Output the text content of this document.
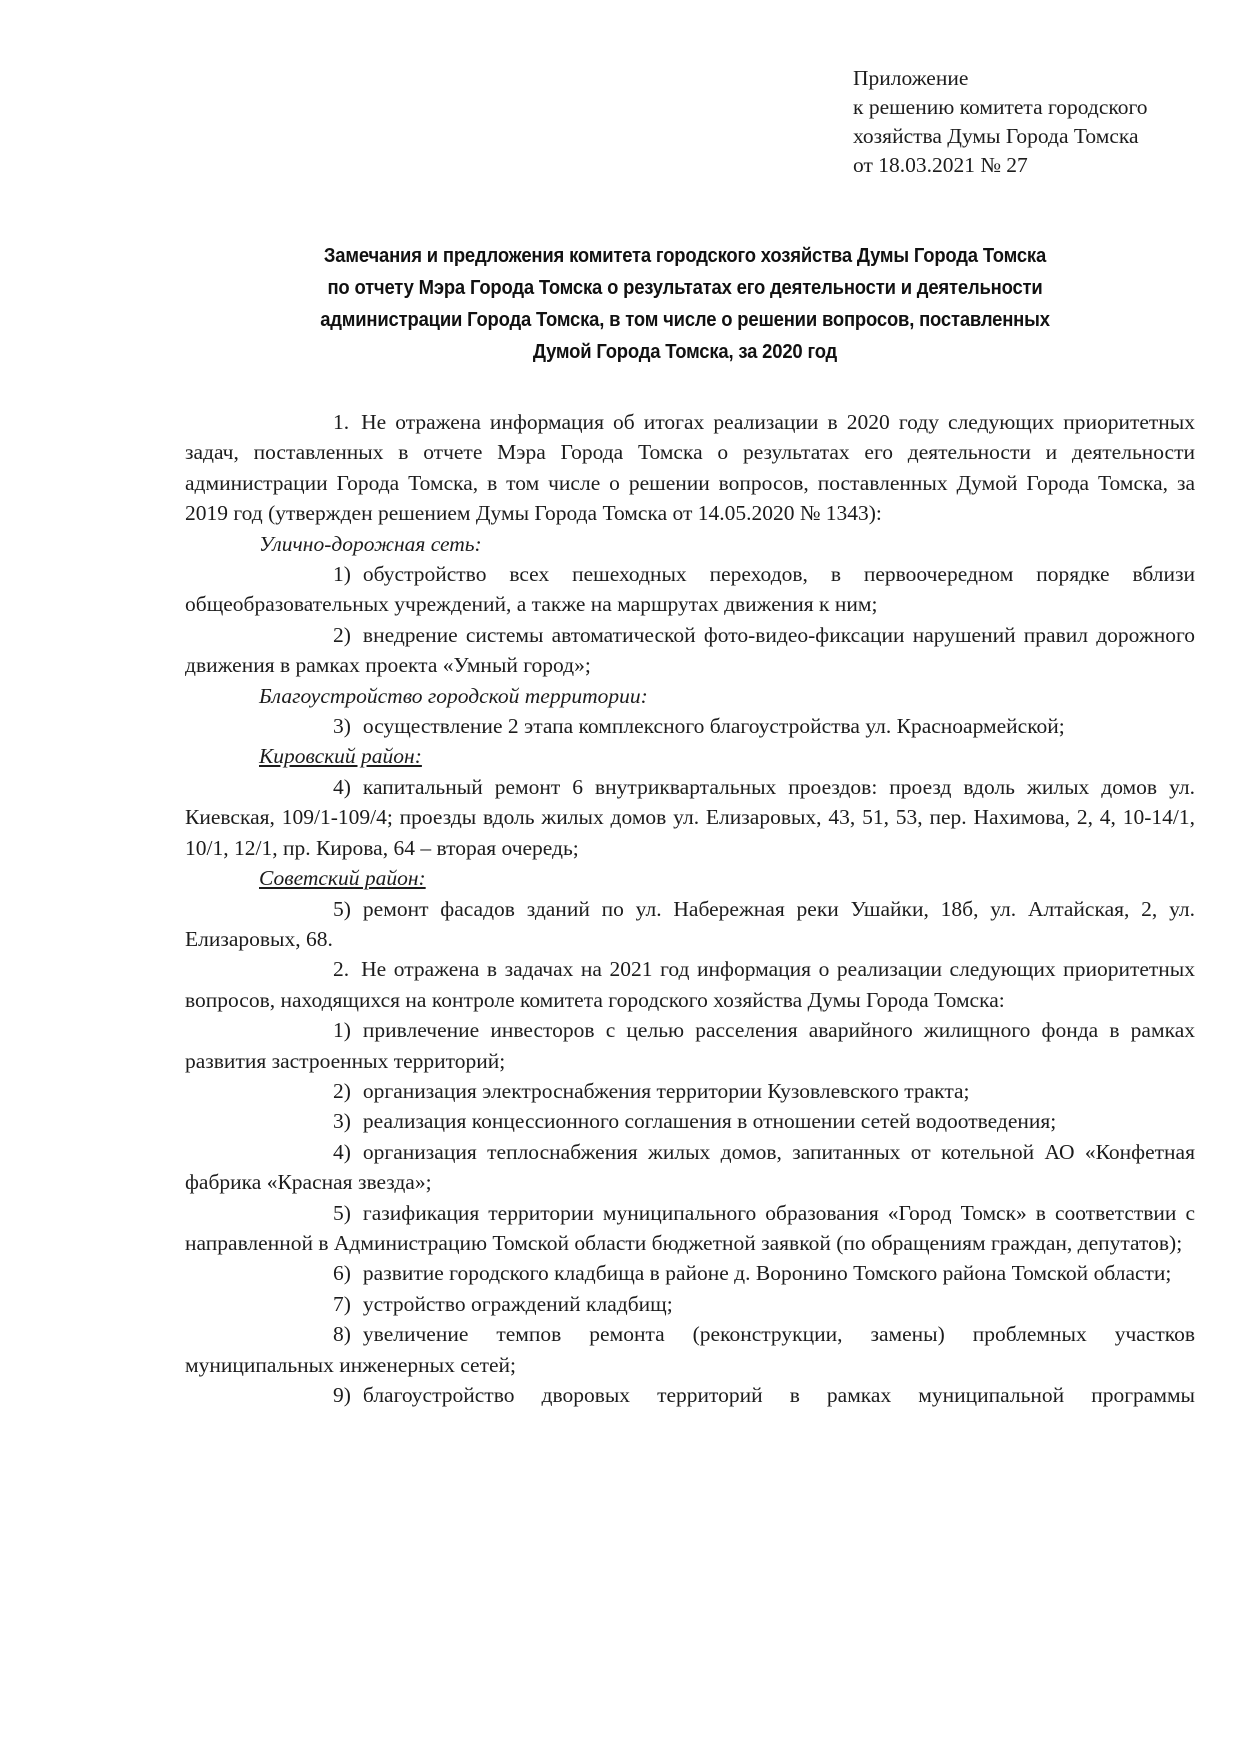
Приложение
к решению комитета городского
хозяйства Думы Города Томска
от 18.03.2021 № 27
Замечания и предложения комитета городского хозяйства Думы Города Томска
по отчету Мэра Города Томска о результатах его деятельности и деятельности
администрации Города Томска, в том числе о решении вопросов, поставленных
Думой Города Томска, за 2020 год

1. Не отражена информация об итогах реализации в 2020 году следующих приоритетных задач, поставленных в отчете Мэра Города Томска о результатах его деятельности и деятельности администрации Города Томска, в том числе о решении вопросов, поставленных Думой Города Томска, за 2019 год (утвержден решением Думы Города Томска от 14.05.2020 № 1343):

Улично-дорожная сеть:

1) обустройство всех пешеходных переходов, в первоочередном порядке вблизи общеобразовательных учреждений, а также на маршрутах движения к ним;

2) внедрение системы автоматической фото-видео-фиксации нарушений правил дорожного движения в рамках проекта «Умный город»;

Благоустройство городской территории:

3) осуществление 2 этапа комплексного благоустройства ул. Красноармейской;

Кировский район:

4) капитальный ремонт 6 внутриквартальных проездов: проезд вдоль жилых домов ул. Киевская, 109/1-109/4; проезды вдоль жилых домов ул. Елизаровых, 43, 51, 53, пер. Нахимова, 2, 4, 10-14/1, 10/1, 12/1, пр. Кирова, 64 – вторая очередь;

Советский район:

5) ремонт фасадов зданий по ул. Набережная реки Ушайки, 18б, ул. Алтайская, 2, ул. Елизаровых, 68.

2. Не отражена в задачах на 2021 год информация о реализации следующих приоритетных вопросов, находящихся на контроле комитета городского хозяйства Думы Города Томска:

1) привлечение инвесторов с целью расселения аварийного жилищного фонда в рамках развития застроенных территорий;

2) организация электроснабжения территории Кузовлевского тракта;

3) реализация концессионного соглашения в отношении сетей водоотведения;

4) организация теплоснабжения жилых домов, запитанных от котельной АО «Конфетная фабрика «Красная звезда»;

5) газификация территории муниципального образования «Город Томск» в соответствии с направленной в Администрацию Томской области бюджетной заявкой (по обращениям граждан, депутатов);

6) развитие городского кладбища в районе д. Воронино Томского района Томской области;

7) устройство ограждений кладбищ;

8) увеличение темпов ремонта (реконструкции, замены) проблемных участков муниципальных инженерных сетей;

9) благоустройство дворовых территорий в рамках муниципальной программы
